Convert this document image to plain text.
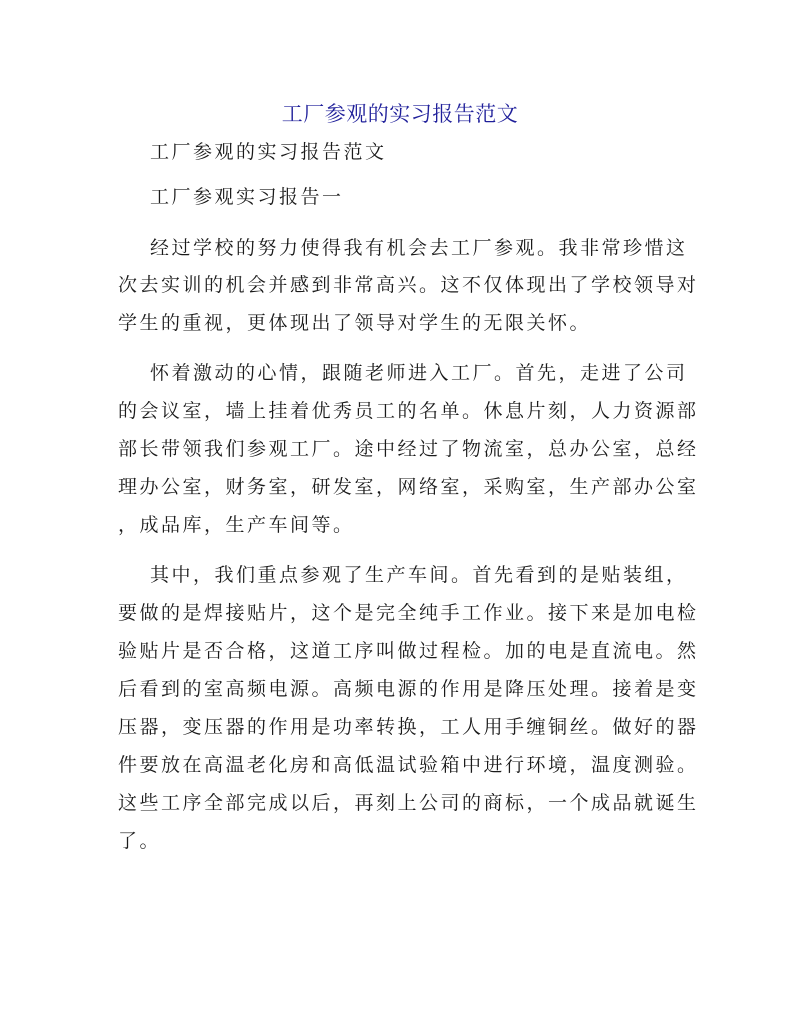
工厂参观的实习报告范文
工厂参观的实习报告范文
工厂参观实习报告一
经过学校的努力使得我有机会去工厂参观。我非常珍惜这
次去实训的机会并感到非常高兴。这不仅体现出了学校领导对
学生的重视，更体现出了领导对学生的无限关怀。
怀着激动的心情，跟随老师进入工厂。首先，走进了公司
的会议室，墙上挂着优秀员工的名单。休息片刻，人力资源部
部长带领我们参观工厂。途中经过了物流室，总办公室，总经
理办公室，财务室，研发室，网络室，采购室，生产部办公室
，成品库，生产车间等。
其中，我们重点参观了生产车间。首先看到的是贴装组，
要做的是焊接贴片，这个是完全纯手工作业。接下来是加电检
验贴片是否合格，这道工序叫做过程检。加的电是直流电。然
后看到的室高频电源。高频电源的作用是降压处理。接着是变
压器，变压器的作用是功率转换，工人用手缠铜丝。做好的器
件要放在高温老化房和高低温试验箱中进行环境，温度测验。
这些工序全部完成以后，再刻上公司的商标，一个成品就诞生
了。
